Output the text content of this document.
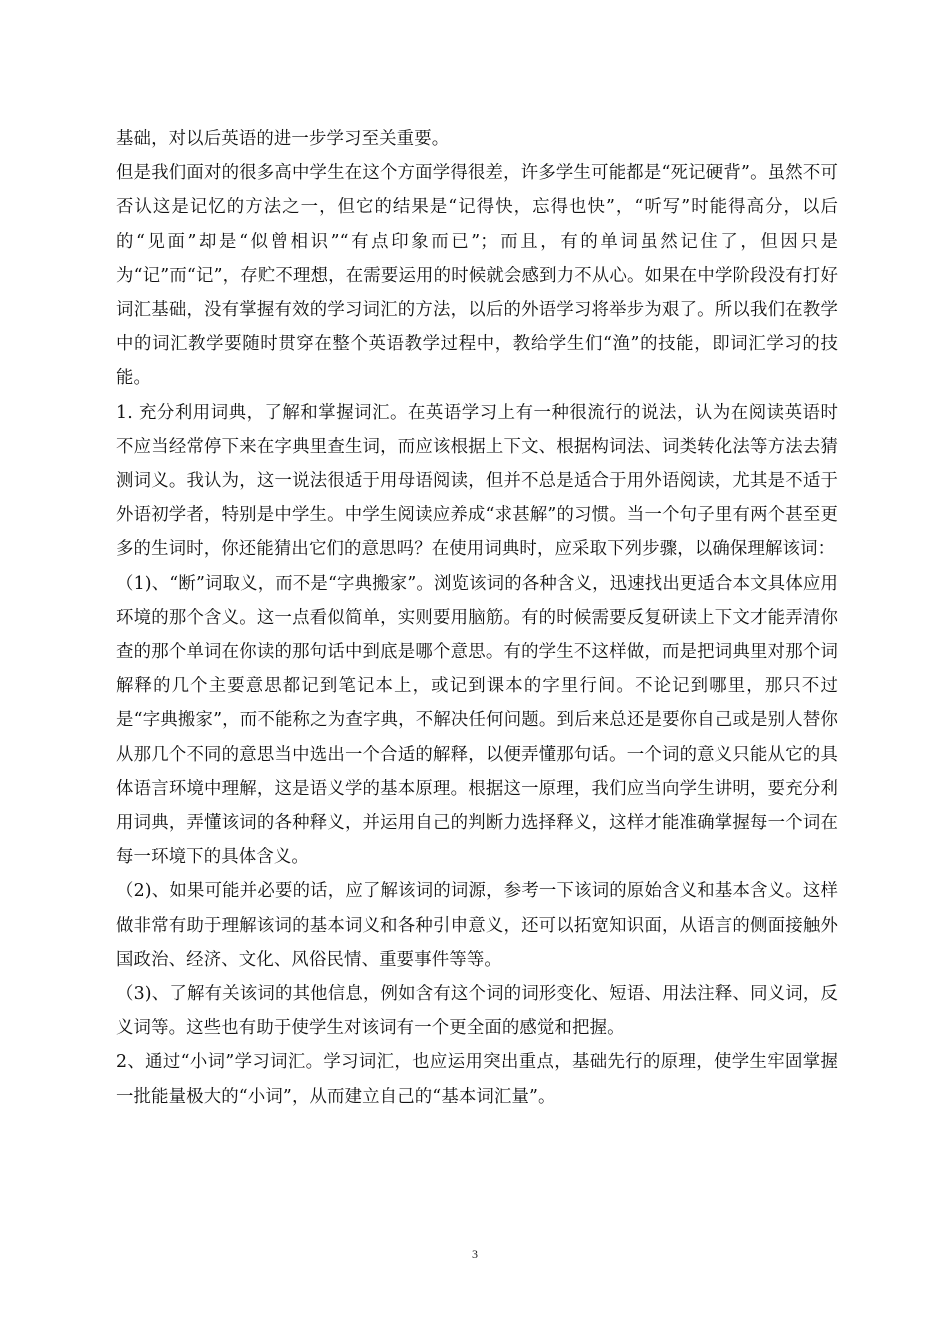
基础，对以后英语的进一步学习至关重要。

但是我们面对的很多高中学生在这个方面学得很差，许多学生可能都是“死记硬背”。虽然不可否认这是记忆的方法之一，但它的结果是“记得快，忘得也快”，“听写”时能得高分，以后的“见面”却是“似曾相识”“有点印象而已”；而且，有的单词虽然记住了，但因只是为“记”而“记”，存贮不理想，在需要运用的时候就会感到力不从心。如果在中学阶段没有打好词汇基础，没有掌握有效的学习词汇的方法，以后的外语学习将举步为艰了。所以我们在教学中的词汇教学要随时贯穿在整个英语教学过程中，教给学生们“渔”的技能，即词汇学习的技能。

1. 充分利用词典，了解和掌握词汇。在英语学习上有一种很流行的说法，认为在阅读英语时不应当经常停下来在字典里查生词，而应该根据上下文、根据构词法、词类转化法等方法去猜测词义。我认为，这一说法很适于用母语阅读，但并不总是适合于用外语阅读，尤其是不适于外语初学者，特别是中学生。中学生阅读应养成“求甚解”的习惯。当一个句子里有两个甚至更多的生词时，你还能猜出它们的意思吗？在使用词典时，应采取下列步骤，以确保理解该词：

（1)、“断”词取义，而不是“字典搬家”。浏览该词的各种含义，迅速找出更适合本文具体应用环境的那个含义。这一点看似简单，实则要用脑筋。有的时候需要反复研读上下文才能弄清你查的那个单词在你读的那句话中到底是哪个意思。有的学生不这样做，而是把词典里对那个词解释的几个主要意思都记到笔记本上，或记到课本的字里行间。不论记到哪里，那只不过是“字典搬家”，而不能称之为查字典，不解决任何问题。到后来总还是要你自己或是别人替你从那几个不同的意思当中选出一个合适的解释，以便弄懂那句话。一个词的意义只能从它的具体语言环境中理解，这是语义学的基本原理。根据这一原理，我们应当向学生讲明，要充分利用词典，弄懂该词的各种释义，并运用自己的判断力选择释义，这样才能准确掌握每一个词在每一环境下的具体含义。

（2)、如果可能并必要的话，应了解该词的词源，参考一下该词的原始含义和基本含义。这样做非常有助于理解该词的基本词义和各种引申意义，还可以拓宽知识面，从语言的侧面接触外国政治、经济、文化、风俗民情、重要事件等等。

（3)、了解有关该词的其他信息，例如含有这个词的词形变化、短语、用法注释、同义词，反义词等。这些也有助于使学生对该词有一个更全面的感觉和把握。

2、通过“小词”学习词汇。学习词汇，也应运用突出重点，基础先行的原理，使学生牢固掌握一批能量极大的“小词”，从而建立自己的“基本词汇量”。

3
